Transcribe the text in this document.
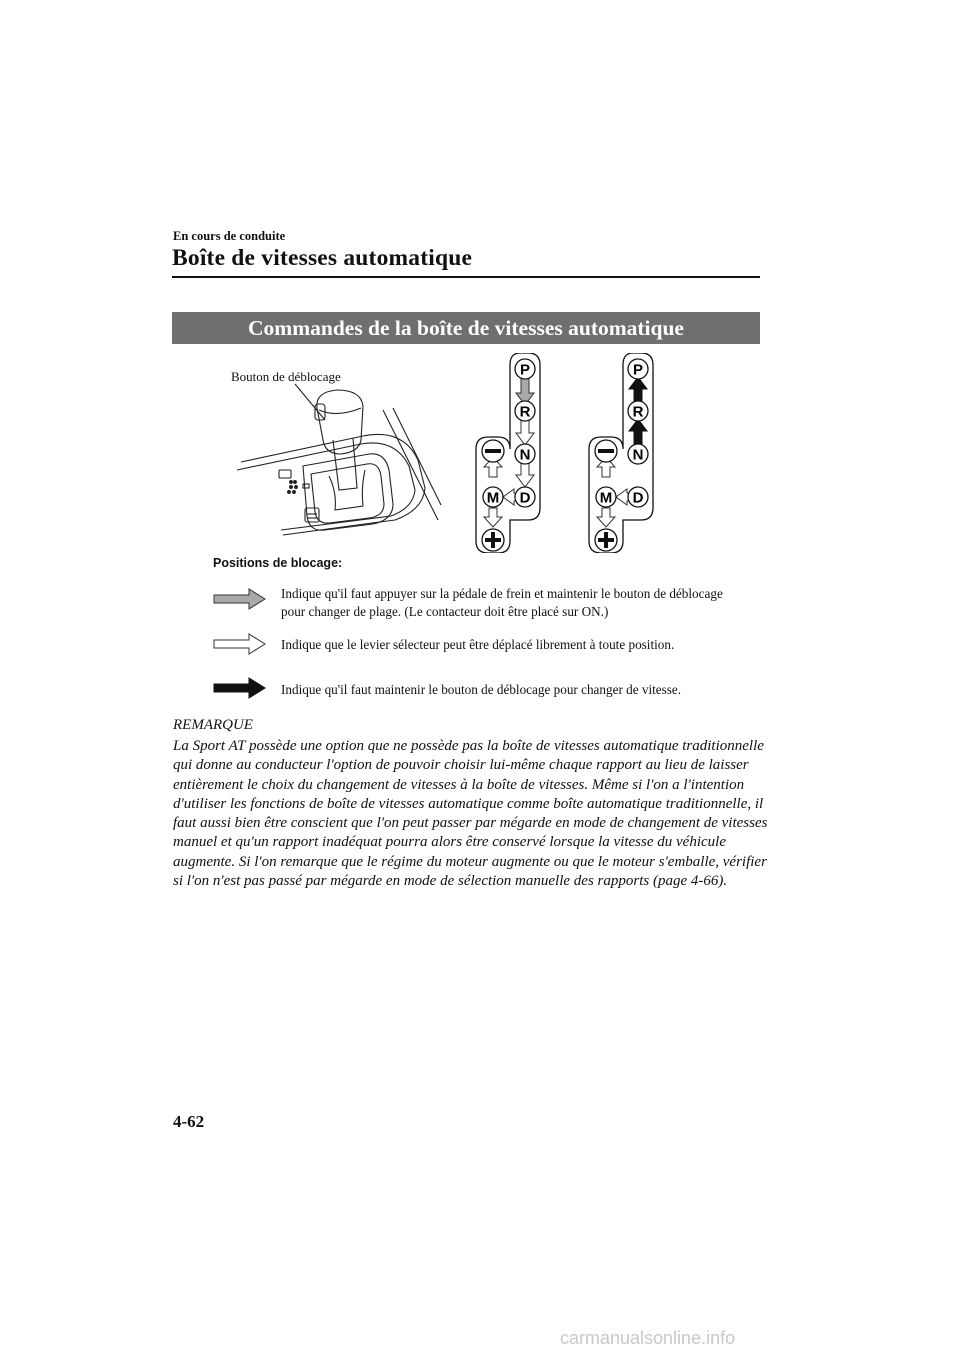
En cours de conduite
Boîte de vitesses automatique
Commandes de la boîte de vitesses automatique
Bouton de déblocage	P
R
N
D
M
P
R
N
D
M
Positions de blocage:
Indique qu'il faut appuyer sur la pédale de frein et maintenir le bouton de déblocage pour changer de plage. (Le contacteur doit être placé sur ON.)
Indique que le levier sélecteur peut être déplacé librement à toute position.
Indique qu'il faut maintenir le bouton de déblocage pour changer de vitesse.
REMARQUE
La Sport AT possède une option que ne possède pas la boîte de vitesses automatique traditionnelle qui donne au conducteur l'option de pouvoir choisir lui-même chaque rapport au lieu de laisser entièrement le choix du changement de vitesses à la boîte de vitesses. Même si l'on a l'intention d'utiliser les fonctions de boîte de vitesses automatique comme boîte automatique traditionnelle, il faut aussi bien être conscient que l'on peut passer par mégarde en mode de changement de vitesses manuel et qu'un rapport inadéquat pourra alors être conservé lorsque la vitesse du véhicule augmente. Si l'on remarque que le régime du moteur augmente ou que le moteur s'emballe, vérifier si l'on n'est pas passé par mégarde en mode de sélection manuelle des rapports (page 4-66).
4-62
carmanualsonline.info
